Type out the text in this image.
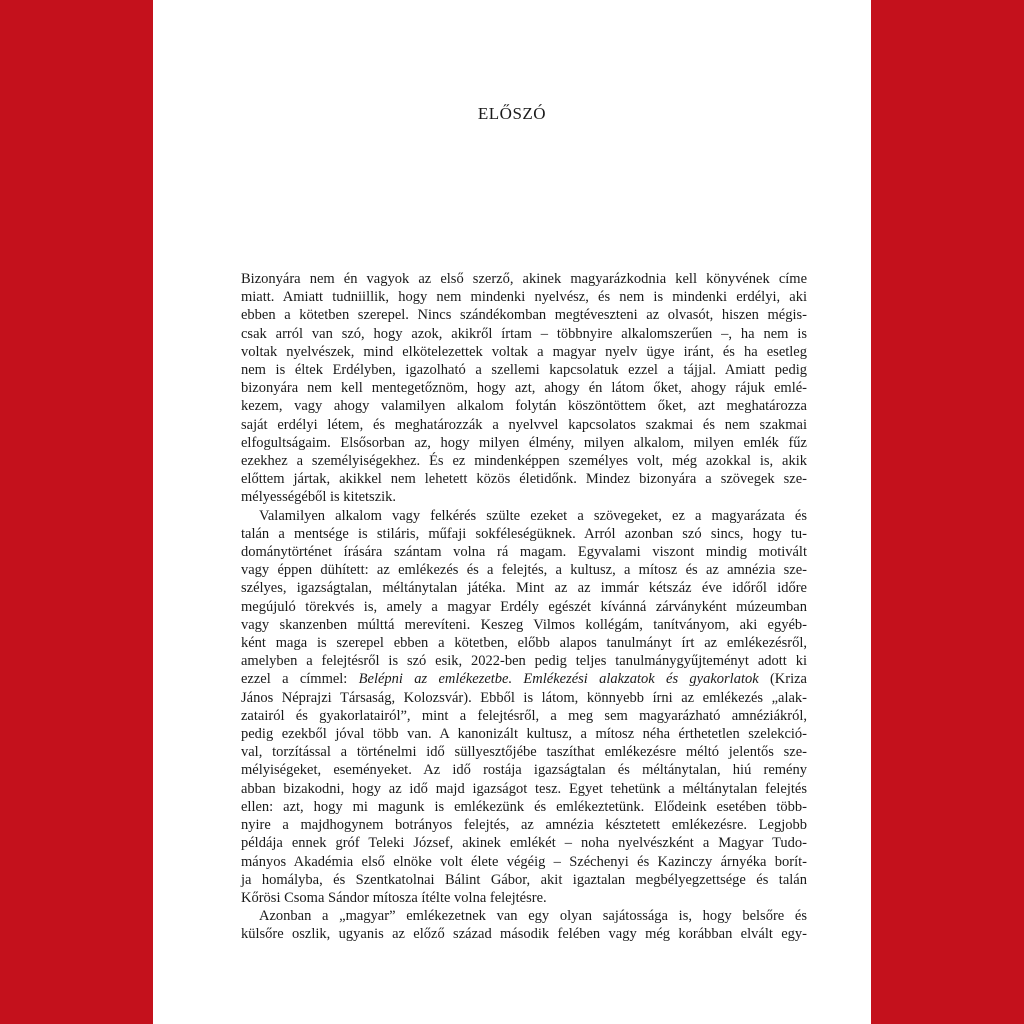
ELŐSZÓ
Bizonyára nem én vagyok az első szerző, akinek magyarázkodnia kell könyvének címe
miatt. Amiatt tudniillik, hogy nem mindenki nyelvész, és nem is mindenki erdélyi, aki
ebben a kötetben szerepel. Nincs szándékomban megtéveszteni az olvasót, hiszen mégis-
csak arról van szó, hogy azok, akikről írtam – többnyire alkalomszerűen –, ha nem is
voltak nyelvészek, mind elkötelezettek voltak a magyar nyelv ügye iránt, és ha esetleg
nem is éltek Erdélyben, igazolható a szellemi kapcsolatuk ezzel a tájjal. Amiatt pedig
bizonyára nem kell mentegetőznöm, hogy azt, ahogy én látom őket, ahogy rájuk emlé-
kezem, vagy ahogy valamilyen alkalom folytán köszöntöttem őket, azt meghatározza
saját erdélyi létem, és meghatározzák a nyelvvel kapcsolatos szakmai és nem szakmai
elfogultságaim. Elsősorban az, hogy milyen élmény, milyen alkalom, milyen emlék fűz
ezekhez a személyiségekhez. És ez mindenképpen személyes volt, még azokkal is, akik
előttem jártak, akikkel nem lehetett közös életidőnk. Mindez bizonyára a szövegek sze-
mélyességéből is kitetszik.
Valamilyen alkalom vagy felkérés szülte ezeket a szövegeket, ez a magyarázata és
talán a mentsége is stiláris, műfaji sokféleségüknek. Arról azonban szó sincs, hogy tu-
dománytörténet írására szántam volna rá magam. Egyvalami viszont mindig motivált
vagy éppen dühített: az emlékezés és a felejtés, a kultusz, a mítosz és az amnézia sze-
szélyes, igazságtalan, méltánytalan játéka. Mint az az immár kétszáz éve időről időre
megújuló törekvés is, amely a magyar Erdély egészét kívánná zárványként múzeumban
vagy skanzenben múlttá merevíteni. Keszeg Vilmos kollégám, tanítványom, aki egyéb-
ként maga is szerepel ebben a kötetben, előbb alapos tanulmányt írt az emlékezésről,
amelyben a felejtésről is szó esik, 2022-ben pedig teljes tanulmánygyűjteményt adott ki
ezzel a címmel: Belépni az emlékezetbe. Emlékezési alakzatok és gyakorlatok (Kriza
János Néprajzi Társaság, Kolozsvár). Ebből is látom, könnyebb írni az emlékezés „alak-
zatairól és gyakorlatairól”, mint a felejtésről, a meg sem magyarázható amnéziákról,
pedig ezekből jóval több van. A kanonizált kultusz, a mítosz néha érthetetlen szelekció-
val, torzítással a történelmi idő süllyesztőjébe taszíthat emlékezésre méltó jelentős sze-
mélyiségeket, eseményeket. Az idő rostája igazságtalan és méltánytalan, hiú remény
abban bizakodni, hogy az idő majd igazságot tesz. Egyet tehetünk a méltánytalan felejtés
ellen: azt, hogy mi magunk is emlékezünk és emlékeztetünk. Elődeink esetében több-
nyire a majdhogynem botrányos felejtés, az amnézia késztetett emlékezésre. Legjobb
példája ennek gróf Teleki József, akinek emlékét – noha nyelvészként a Magyar Tudo-
mányos Akadémia első elnöke volt élete végéig – Széchenyi és Kazinczy árnyéka borít-
ja homályba, és Szentkatolnai Bálint Gábor, akit igaztalan megbélyegzettsége és talán
Kőrösi Csoma Sándor mítosza ítélte volna felejtésre.
Azonban a „magyar” emlékezetnek van egy olyan sajátossága is, hogy belsőre és
külsőre oszlik, ugyanis az előző század második felében vagy még korábban elvált egy-
